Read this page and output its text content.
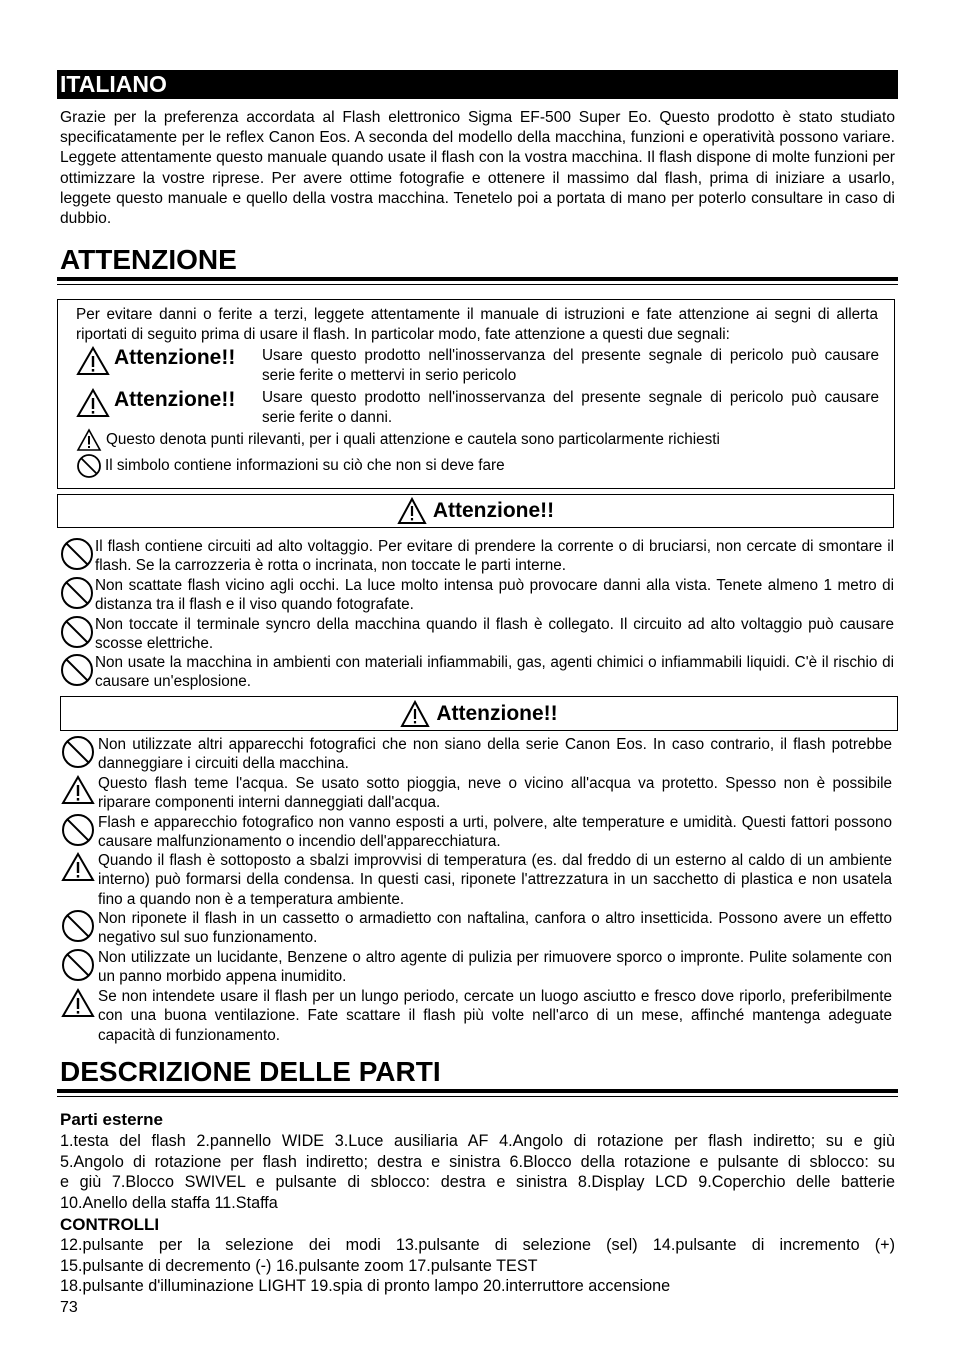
ITALIANO
Grazie per la preferenza accordata al Flash elettronico Sigma EF-500 Super Eo. Questo prodotto è stato studiato specificatamente per le reflex Canon Eos. A seconda del modello della macchina, funzioni e operatività possono variare. Leggete attentamente questo manuale quando usate il flash con la vostra macchina. Il flash dispone di molte funzioni per ottimizzare la vostre riprese. Per avere ottime fotografie e ottenere il massimo dal flash, prima di iniziare a usarlo, leggete questo manuale e quello della vostra macchina. Tenetelo poi a portata di mano per poterlo consultare in caso di dubbio.
ATTENZIONE
Per evitare danni o ferite a terzi, leggete attentamente il manuale di istruzioni e fate attenzione ai segni di allerta riportati di seguito prima di usare il flash. In particolar modo, fate attenzione a questi due segnali:
Attenzione!! Usare questo prodotto nell'inosservanza del presente segnale di pericolo può causare serie ferite o mettervi in serio pericolo
Attenzione!! Usare questo prodotto nell'inosservanza del presente segnale di pericolo può causare serie ferite o danni.
Questo denota punti rilevanti, per i quali attenzione e cautela sono particolarmente richiesti
Il simbolo contiene informazioni su ciò che non si deve fare
Attenzione!!
Il flash contiene circuiti ad alto voltaggio. Per evitare di prendere la corrente o di bruciarsi, non cercate di smontare il flash. Se la carrozzeria è rotta o incrinata, non toccate le parti interne.
Non scattate flash vicino agli occhi. La luce molto intensa può provocare danni alla vista. Tenete almeno 1 metro di distanza tra il flash e il viso quando fotografate.
Non toccate il terminale syncro della macchina quando il flash è collegato. Il circuito ad alto voltaggio può causare scosse elettriche.
Non usate la macchina in ambienti con materiali infiammabili, gas, agenti chimici o infiammabili liquidi. C'è il rischio di causare un'esplosione.
Attenzione!!
Non utilizzate altri apparecchi fotografici che non siano della serie Canon Eos. In caso contrario, il flash potrebbe danneggiare i circuiti della macchina.
Questo flash teme l'acqua. Se usato sotto pioggia, neve o vicino all'acqua va protetto. Spesso non è possibile riparare componenti interni danneggiati dall'acqua.
Flash e apparecchio fotografico non vanno esposti a urti, polvere, alte temperature e umidità. Questi fattori possono causare malfunzionamento o incendio dell'apparecchiatura.
Quando il flash è sottoposto a sbalzi improvvisi di temperatura (es. dal freddo di un esterno al caldo di un ambiente interno) può formarsi della condensa. In questi casi, riponete l'attrezzatura in un sacchetto di plastica e non usatela fino a quando non è a temperatura ambiente.
Non riponete il flash in un cassetto o armadietto con naftalina, canfora o altro insetticida. Possono avere un effetto negativo sul suo funzionamento.
Non utilizzate un lucidante, Benzene o altro agente di pulizia per rimuovere sporco o impronte. Pulite solamente con un panno morbido appena inumidito.
Se non intendete usare il flash per un lungo periodo, cercate un luogo asciutto e fresco dove riporlo, preferibilmente con una buona ventilazione. Fate scattare il flash più volte nell'arco di un mese, affinché mantenga adeguate capacità di funzionamento.
DESCRIZIONE DELLE PARTI
Parti esterne
1.testa del flash 2.pannello WIDE 3.Luce ausiliaria AF 4.Angolo di rotazione per flash indiretto; su e giù
5.Angolo di rotazione per flash indiretto; destra e sinistra 6.Blocco della rotazione e pulsante di sblocco: su
e giù 7.Blocco SWIVEL e pulsante di sblocco: destra e sinistra 8.Display LCD 9.Coperchio delle batterie
10.Anello della staffa 11.Staffa
CONTROLLI
12.pulsante per la selezione dei modi 13.pulsante di selezione (sel) 14.pulsante di incremento (+)
15.pulsante di decremento (-) 16.pulsante zoom 17.pulsante TEST
18.pulsante d'illuminazione LIGHT 19.spia di pronto lampo 20.interruttore accensione
73
